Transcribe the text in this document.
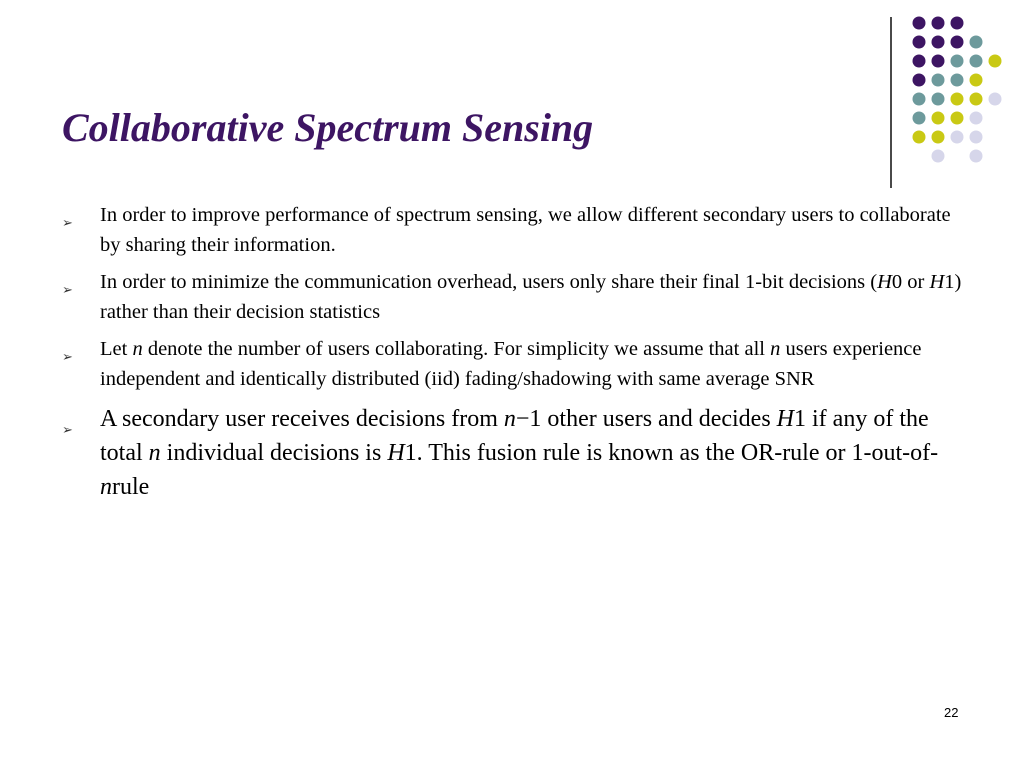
Collaborative Spectrum Sensing
➢ In order to improve performance of spectrum sensing, we allow different secondary users to collaborate by sharing their information.
➢ In order to minimize the communication overhead, users only share their final 1-bit decisions (H0 or H1) rather than their decision statistics
➢ Let n denote the number of users collaborating. For simplicity we assume that all n users experience independent and identically distributed (iid) fading/shadowing with same average SNR
➢ A secondary user receives decisions from n−1 other users and decides H1 if any of the total n individual decisions is H1. This fusion rule is known as the OR-rule or 1-out-of-nrule
22
